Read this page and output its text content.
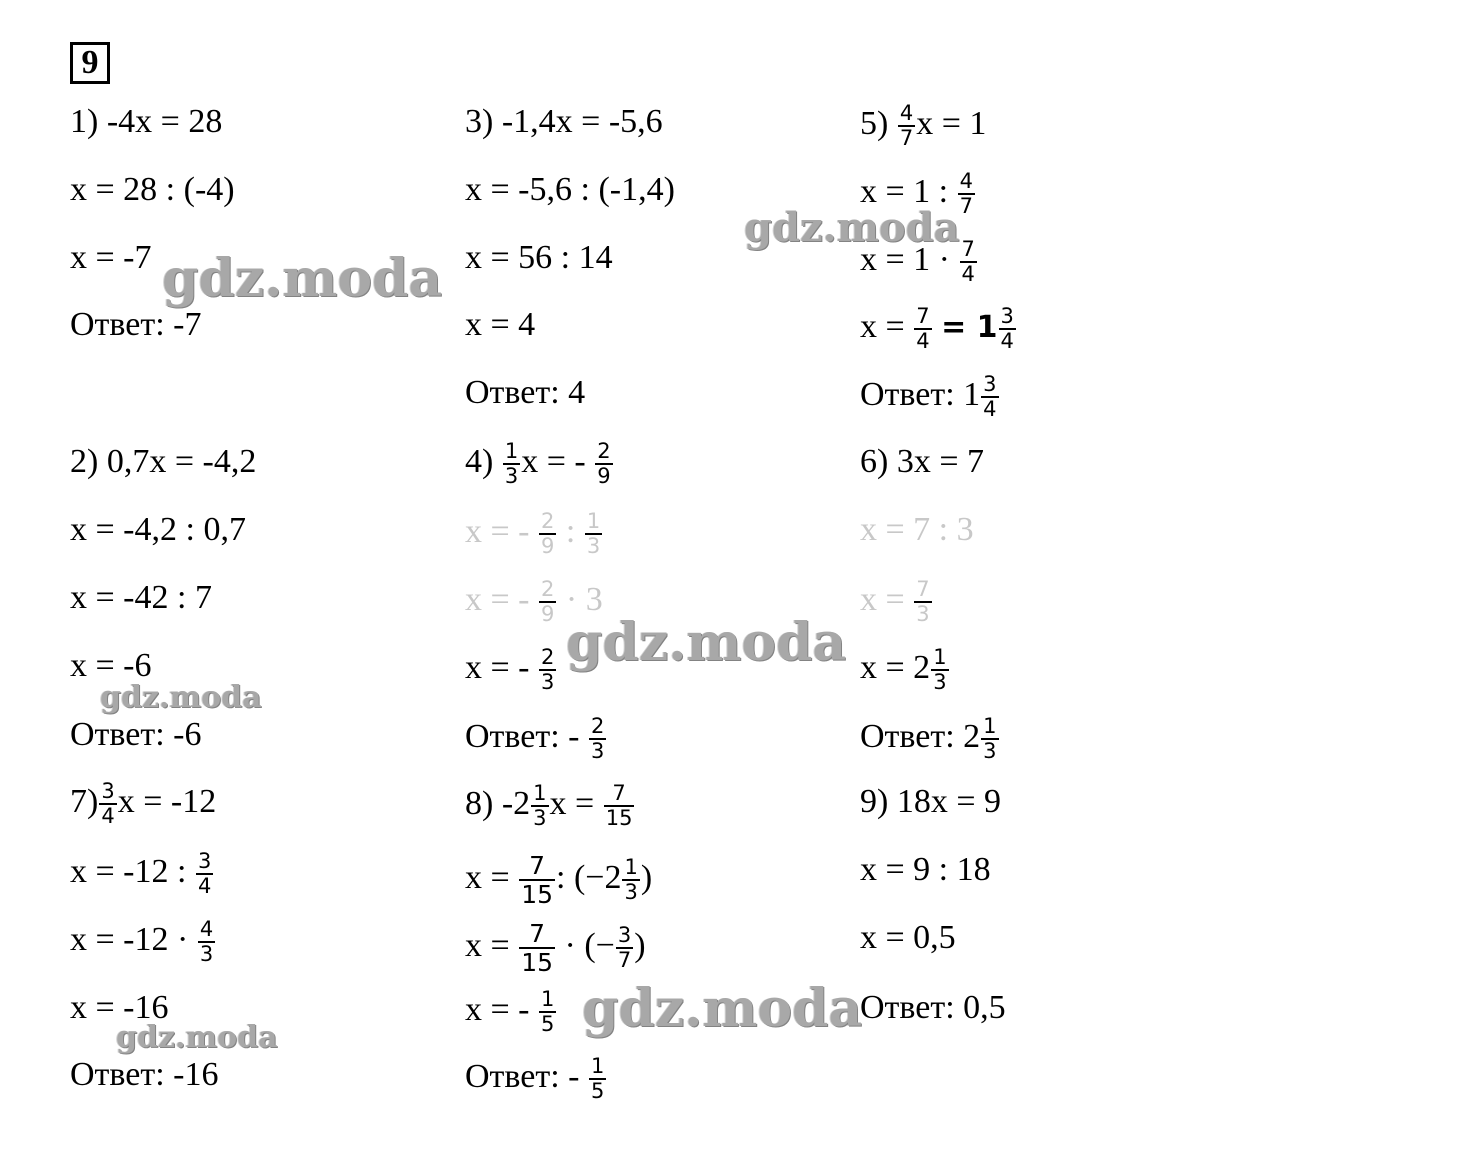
9
1) -4x = 28
x = 28 : (-4)
x = -7
Ответ: -7
2) 0,7x = -4,2
x = -4,2 : 0,7
x = -42 : 7
x = -6
Ответ: -6
$7) \frac{3}{4}$ x = -12
x = -12 : $\frac{3}{4}$
$x = -12 \cdot \frac{4}{3}$
x = -16
Ответ: -16
3) -1,4x = -5,6
x = -5,6 : (-1,4)
x = 56 : 14
x = 4
Ответ: 4
$4) \frac{1}{3}$ x = - $\frac{2}{9}$
x = - $\frac{2}{9}$ : $\frac{1}{3}$
x = - $\frac{2}{9} \cdot 3$
x = - $\frac{2}{3}$
Ответ: - $\frac{2}{3}$
8) $-2 \frac{1}{3}$ $x = \frac{7}{15}$
$x = \frac{7}{15}$ : ($-2 \frac{1}{3}$ )
$x = \frac{7}{15}$ · (− $\frac{3}{7}$ )
x = - $\frac{1}{5}$
Ответ: - $\frac{1}{5}$
$5) \frac{4}{7}$ x = 1
x = 1 : $\frac{4}{7}$
$x = 1 \cdot \frac{7}{4}$
$x = \frac{7}{4} = 1 \frac{3}{4}$
Ответ: $1 \frac{3}{4}$
6) 3x = 7
x = 7 : 3
$x = \frac{7}{3}$
$x = 2 \frac{1}{3}$
Ответ: $2 \frac{1}{3}$
9) 18x = 9
x = 9 : 18
x = 0,5
Ответ: 0,5
gdz.moda
gdz.moda
gdz.moda
gdz.moda
gdz.moda
gdz.moda
